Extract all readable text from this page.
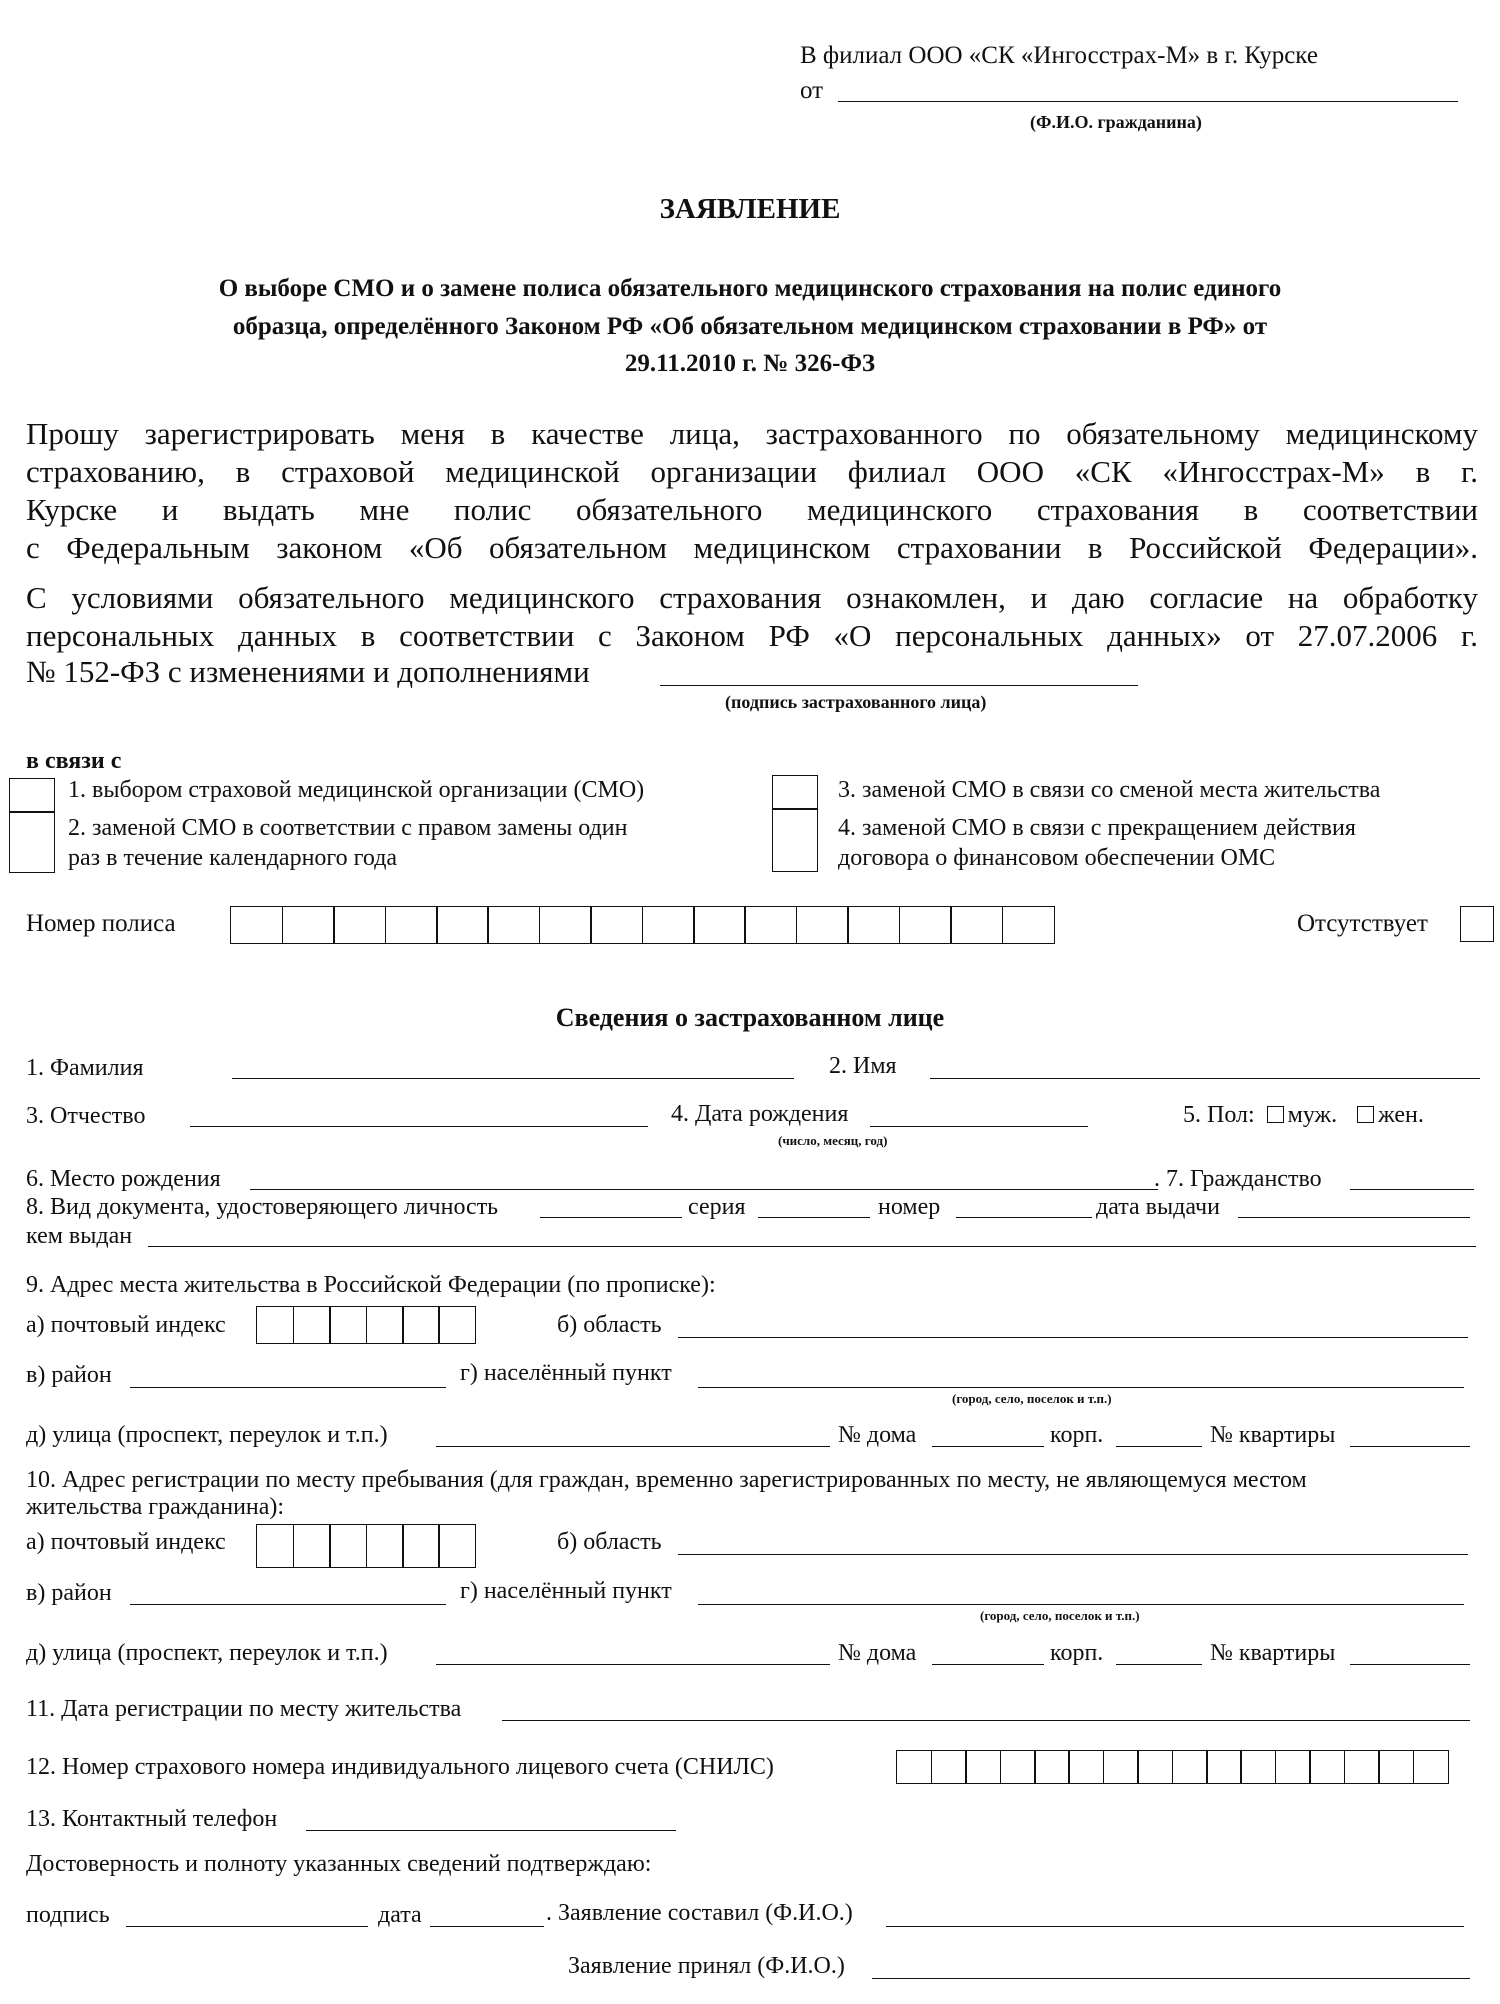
В филиал ООО «СК «Ингосстрах-М» в г. Курске
от
(Ф.И.О. гражданина)
ЗАЯВЛЕНИЕ
О выборе СМО и о замене полиса обязательного медицинского страхования на полис единого
образца, определённого Законом РФ «Об обязательном медицинском страховании в РФ» от
29.11.2010 г. № 326-ФЗ
Прошу зарегистрировать меня в качестве лица, застрахованного по обязательному медицинскому
страхованию, в страховой медицинской организации филиал ООО «СК «Ингосстрах-М» в г.
Курске и выдать мне полис обязательного медицинского страхования в соответствии
с Федеральным законом «Об обязательном медицинском страховании в Российской Федерации».
С условиями обязательного медицинского страхования ознакомлен, и даю согласие на обработку
персональных данных в соответствии с Законом РФ «О персональных данных» от 27.07.2006 г.
№ 152-ФЗ с изменениями и дополнениями
(подпись застрахованного лица)
в связи с
1. выбором страховой медицинской организации (СМО)
2. заменой СМО в соответствии с правом замены один
раз в течение календарного года
3. заменой СМО в связи со сменой места жительства
4. заменой СМО в связи с прекращением действия
договора о финансовом обеспечении ОМС
Номер полиса	Отсутствует
Сведения о застрахованном лице
1. Фамилия	2. Имя
3. Отчество	4. Дата рождения
(число, месяц, год)
5. Пол: муж. жен.
6. Место рождения	. 7. Гражданство
8. Вид документа, удостоверяющего личность	серия	номер	дата выдачи
кем выдан
9. Адрес места жительства в Российской Федерации (по прописке):
а) почтовый индекс	б) область
в) район	г) населённый пункт
(город, село, поселок и т.п.)
д) улица (проспект, переулок и т.п.)	№ дома	корп.	№ квартиры
10. Адрес регистрации по месту пребывания (для граждан, временно зарегистрированных по месту, не являющемуся местом
жительства гражданина):
а) почтовый индекс	б) область
в) район	г) населённый пункт
(город, село, поселок и т.п.)
д) улица (проспект, переулок и т.п.)	№ дома	корп.	№ квартиры
11. Дата регистрации по месту жительства
12. Номер страхового номера индивидуального лицевого счета (СНИЛС)
13. Контактный телефон
Достоверность и полноту указанных сведений подтверждаю:
подпись	дата	. Заявление составил (Ф.И.О.)
Заявление принял (Ф.И.О.)
